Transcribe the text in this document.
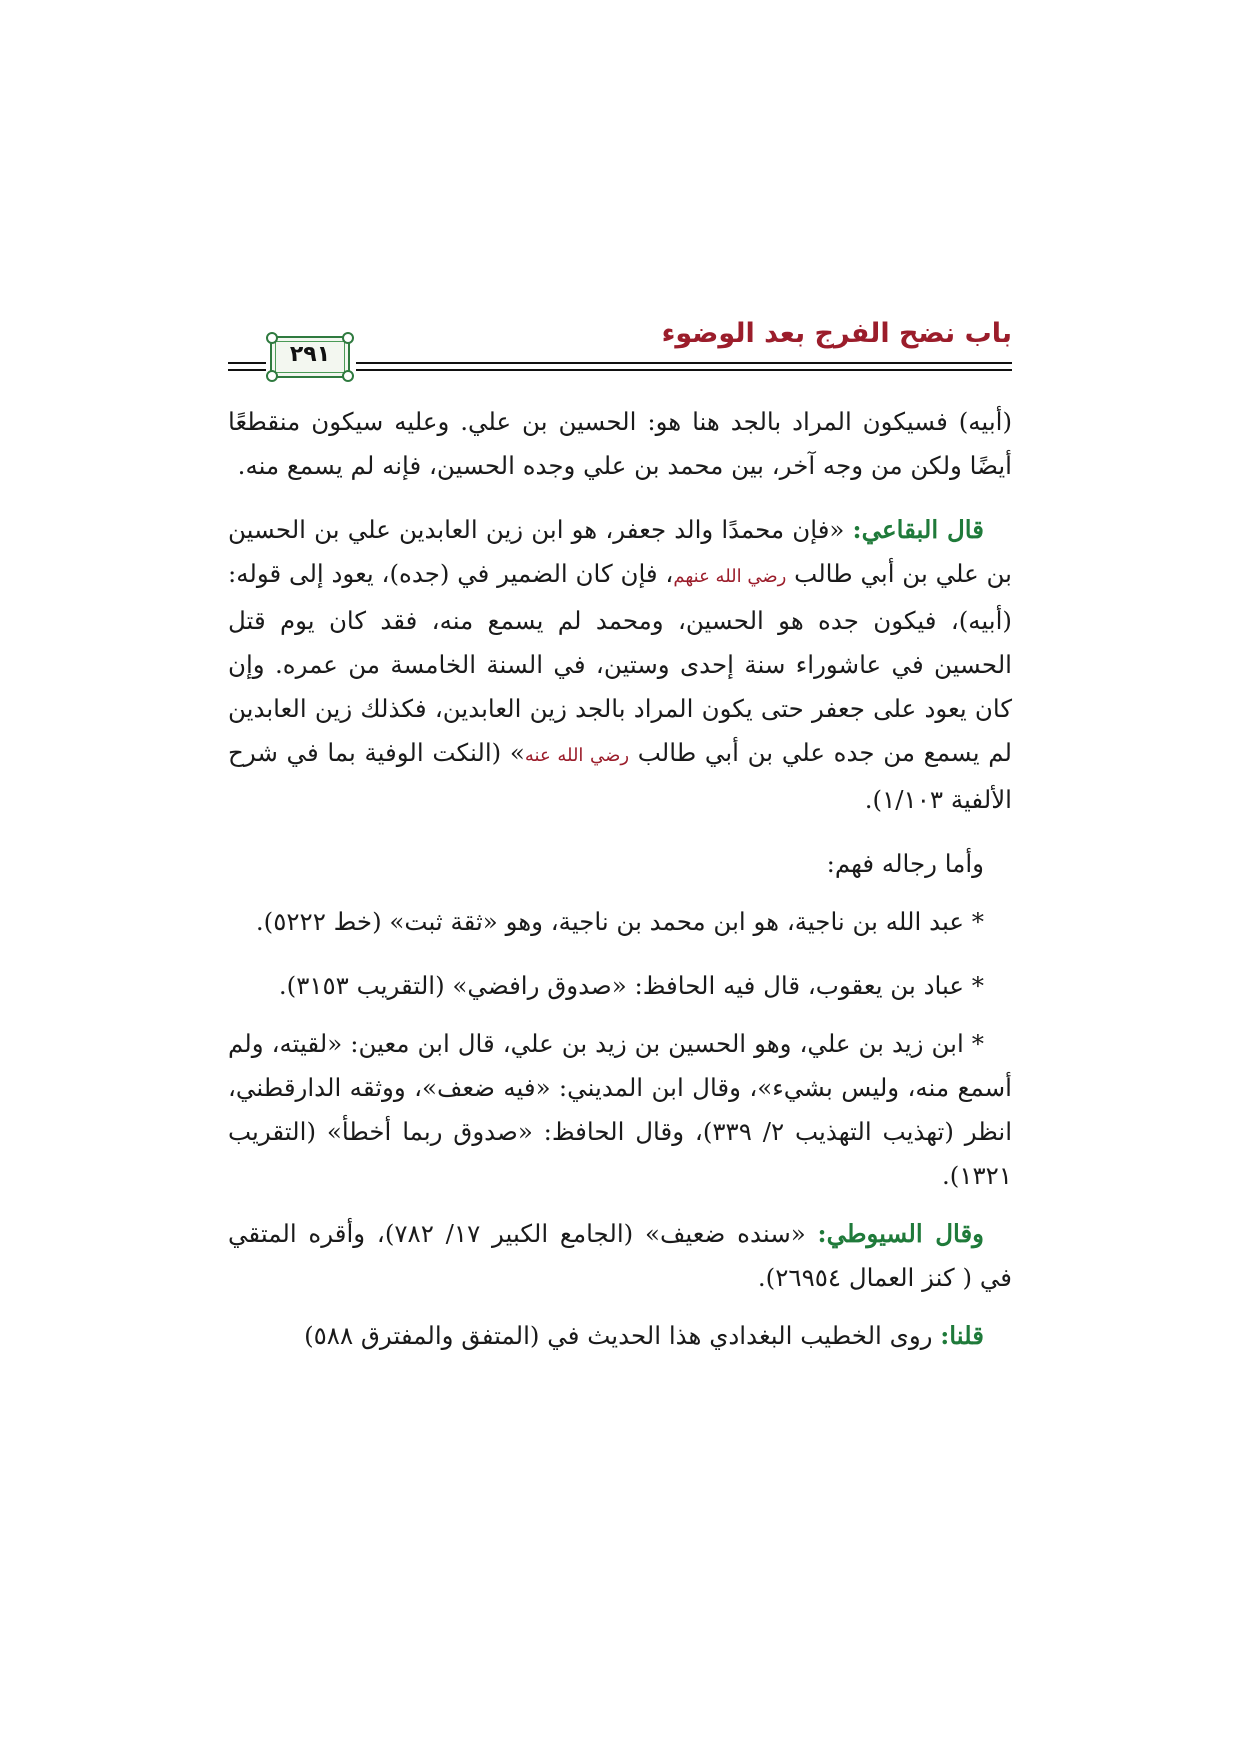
باب نضح الفرج بعد الوضوء
٢٩١

(أبيه) فسيكون المراد بالجد هنا هو: الحسين بن علي. وعليه سيكون منقطعًا أيضًا ولكن من وجه آخر، بين محمد بن علي وجده الحسين، فإنه لم يسمع منه.

قال البقاعي: «فإن محمدًا والد جعفر، هو ابن زين العابدين علي بن الحسين بن علي بن أبي طالب رضي الله عنهم، فإن كان الضمير في (جده)، يعود إلى قوله: (أبيه)، فيكون جده هو الحسين، ومحمد لم يسمع منه، فقد كان يوم قتل الحسين في عاشوراء سنة إحدى وستين، في السنة الخامسة من عمره. وإن كان يعود على جعفر حتى يكون المراد بالجد زين العابدين، فكذلك زين العابدين لم يسمع من جده علي بن أبي طالب رضي الله عنه» (النكت الوفية بما في شرح الألفية ١/١٠٣).

وأما رجاله فهم:

* عبد الله بن ناجية، هو ابن محمد بن ناجية، وهو «ثقة ثبت» (خط ٥٢٢٢).

* عباد بن يعقوب، قال فيه الحافظ: «صدوق رافضي» (التقريب ٣١٥٣).

* ابن زيد بن علي، وهو الحسين بن زيد بن علي، قال ابن معين: «لقيته، ولم أسمع منه، وليس بشيء»، وقال ابن المديني: «فيه ضعف»، ووثقه الدارقطني، انظر (تهذيب التهذيب ٢/ ٣٣٩)، وقال الحافظ: «صدوق ربما أخطأ» (التقريب ١٣٢١).

وقال السيوطي: «سنده ضعيف» (الجامع الكبير ١٧/ ٧٨٢)، وأقره المتقي في ( كنز العمال ٢٦٩٥٤).

قلنا: روى الخطيب البغدادي هذا الحديث في (المتفق والمفترق ٥٨٨)
